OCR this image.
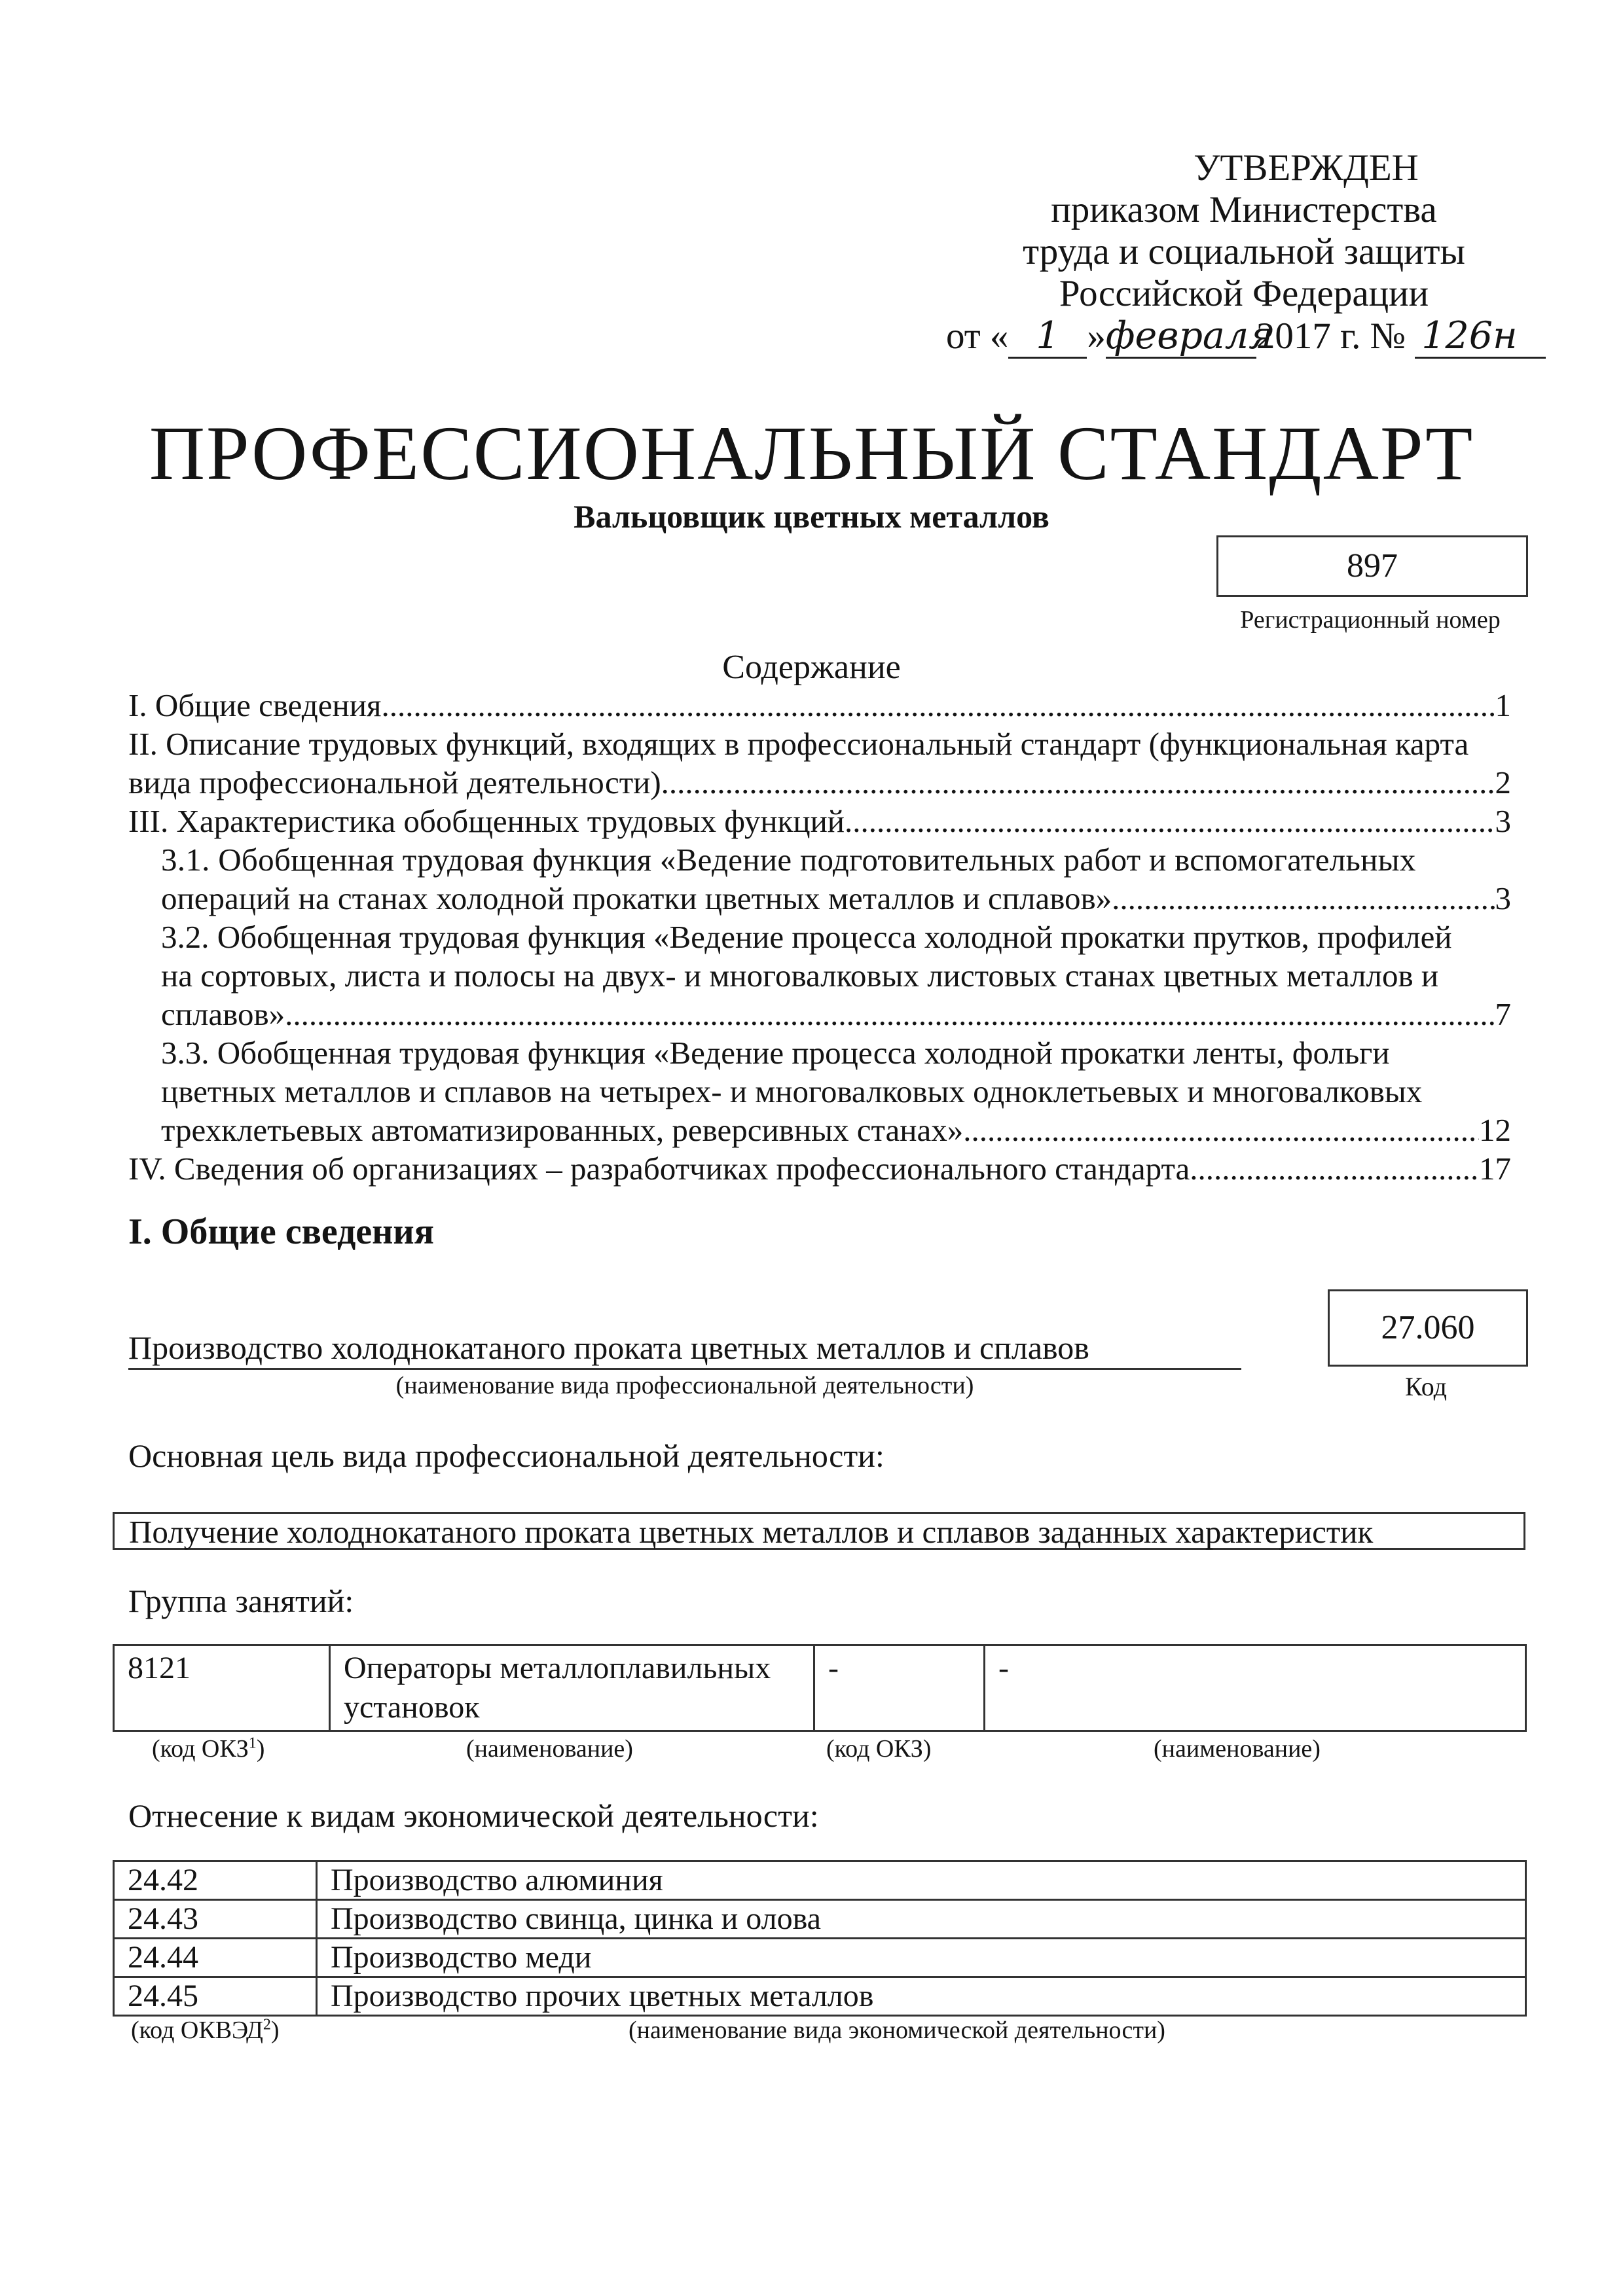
УТВЕРЖДЕН
приказом Министерства
труда и социальной защиты
Российской Федерации
от « 1 »февраля2017 г. № 126н
ПРОФЕССИОНАЛЬНЫЙ СТАНДАРТ
Вальцовщик цветных металлов
897
Регистрационный номер
Содержание
I. Общие сведения .....	1
II. Описание трудовых функций, входящих в профессиональный стандарт (функциональная карта
вида профессиональной деятельности) .....	2
III. Характеристика обобщенных трудовых функций .....	3
3.1. Обобщенная трудовая функция «Ведение подготовительных работ и вспомогательных
операций на станах холодной прокатки цветных металлов и сплавов» .....	3
3.2. Обобщенная трудовая функция «Ведение процесса холодной прокатки прутков, профилей
на сортовых, листа и полосы на двух- и многовалковых листовых станах цветных металлов и
сплавов» .....	7
3.3. Обобщенная трудовая функция «Ведение процесса холодной прокатки ленты, фольги
цветных металлов и сплавов на четырех- и многовалковых одноклетьевых и многовалковых
трехклетьевых автоматизированных, реверсивных станах» .....	12
IV. Сведения об организациях – разработчиках профессионального стандарта .....	17
I. Общие сведения
Производство холоднокатаного проката цветных металлов и сплавов
(наименование вида профессиональной деятельности)
27.060
Код
Основная цель вида профессиональной деятельности:
Получение холоднокатаного проката цветных металлов и сплавов заданных характеристик
Группа занятий:
8121	Операторы металлоплавильных установок	-	-
(код ОКЗ$^1$)	(наименование)	(код ОКЗ)	(наименование)
Отнесение к видам экономической деятельности:
24.42	Производство алюминия
24.43	Производство свинца, цинка и олова
24.44	Производство меди
24.45	Производство прочих цветных металлов
(код ОКВЭД$^2$)	(наименование вида экономической деятельности)
